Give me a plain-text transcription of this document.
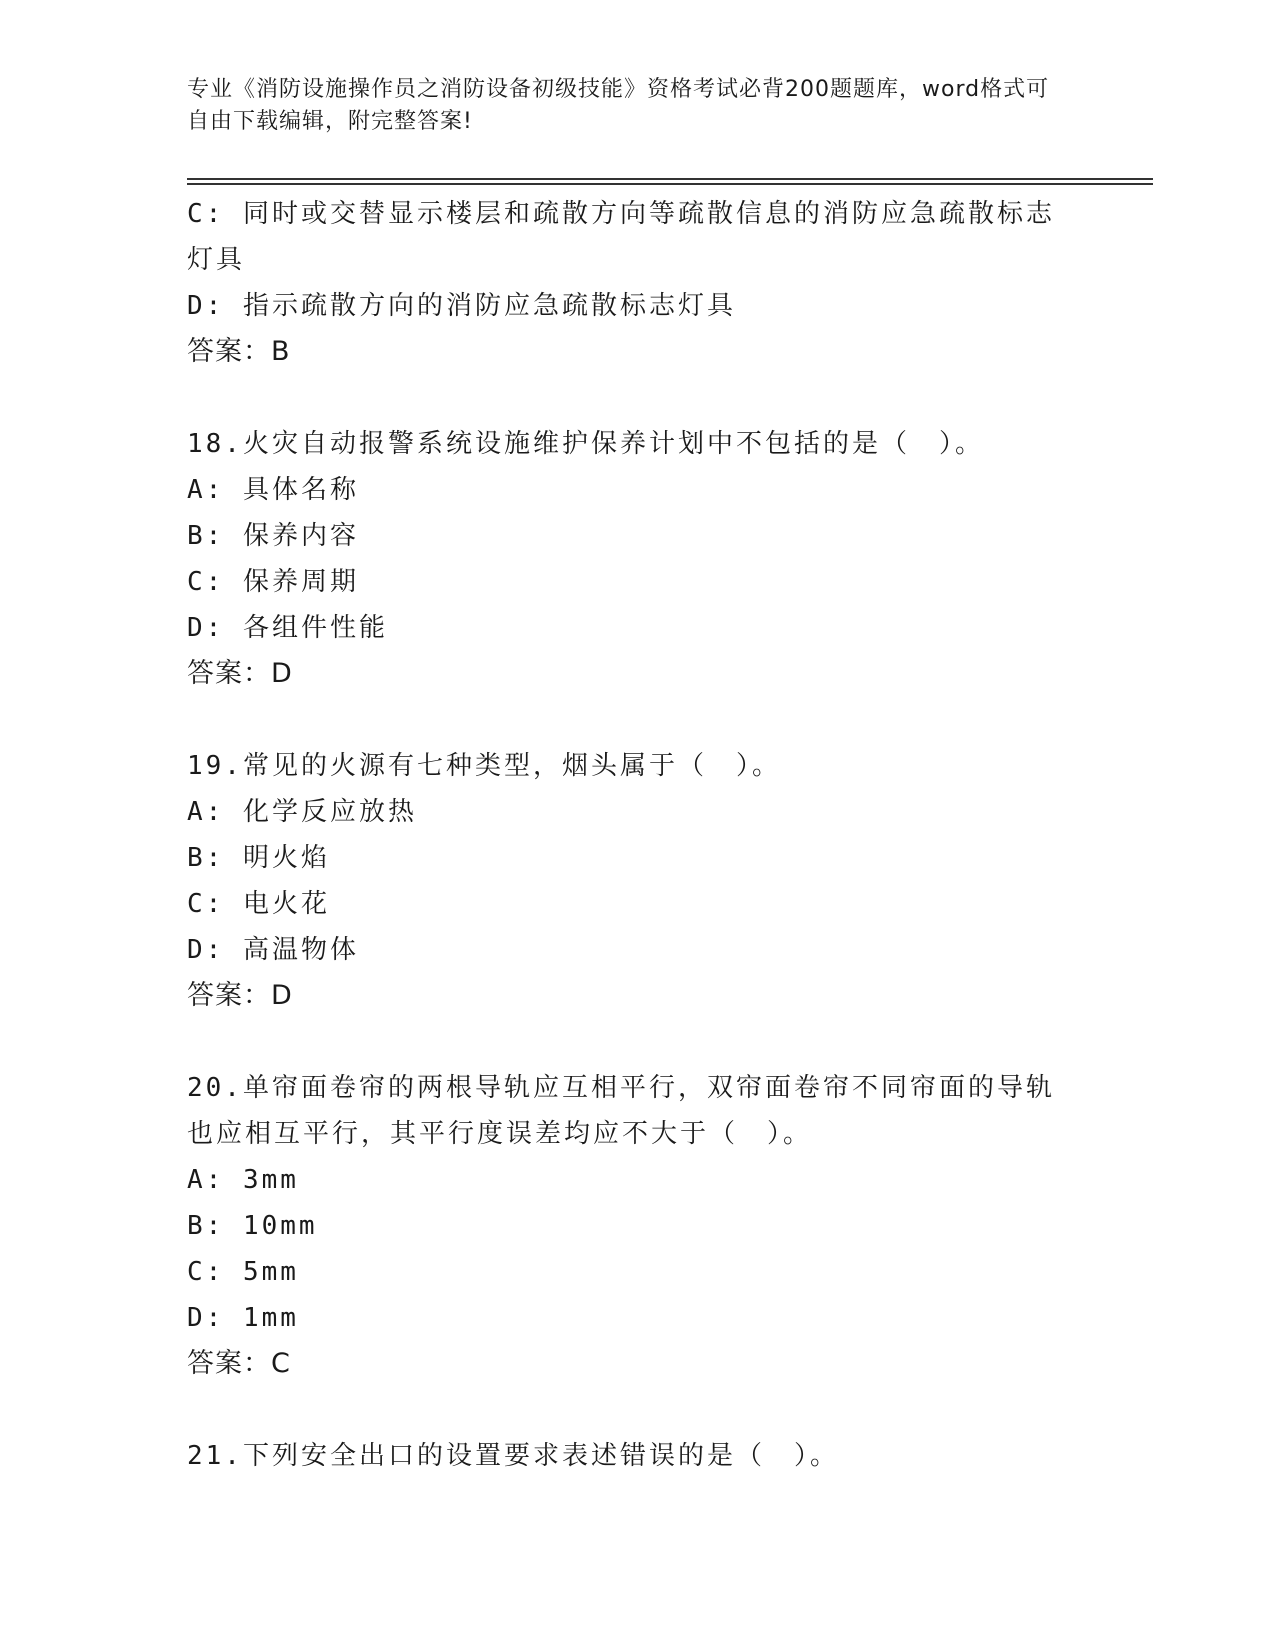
专业《消防设施操作员之消防设备初级技能》资格考试必背200题题库，word格式可自由下载编辑，附完整答案!
C: 同时或交替显示楼层和疏散方向等疏散信息的消防应急疏散标志灯具
D: 指示疏散方向的消防应急疏散标志灯具
答案：B
18.火灾自动报警系统设施维护保养计划中不包括的是（　）。
A: 具体名称
B: 保养内容
C: 保养周期
D: 各组件性能
答案：D
19.常见的火源有七种类型，烟头属于（　）。
A: 化学反应放热
B: 明火焰
C: 电火花
D: 高温物体
答案：D
20.单帘面卷帘的两根导轨应互相平行，双帘面卷帘不同帘面的导轨也应相互平行，其平行度误差均应不大于（　）。
A: 3mm
B: 10mm
C: 5mm
D: 1mm
答案：C
21.下列安全出口的设置要求表述错误的是（　）。
